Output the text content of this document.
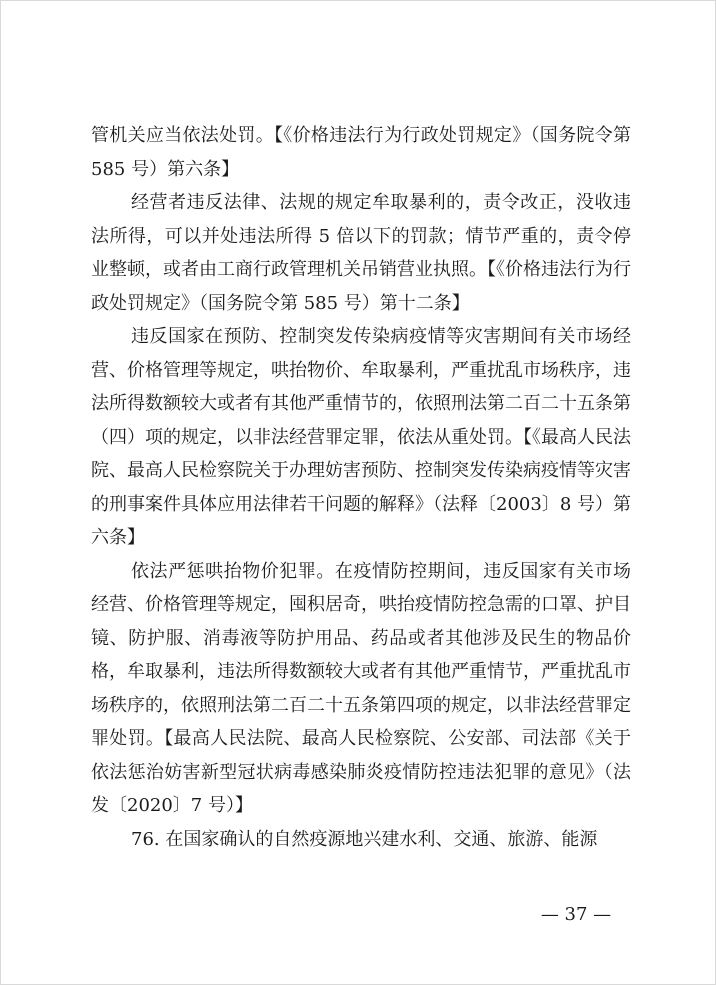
管机关应当依法处罚。【《价格违法行为行政处罚规定》（国务院令第 585 号）第六条】

经营者违反法律、法规的规定牟取暴利的，责令改正，没收违法所得，可以并处违法所得 5 倍以下的罚款；情节严重的，责令停业整顿，或者由工商行政管理机关吊销营业执照。【《价格违法行为行政处罚规定》（国务院令第 585 号）第十二条】

违反国家在预防、控制突发传染病疫情等灾害期间有关市场经营、价格管理等规定，哄抬物价、牟取暴利，严重扰乱市场秩序，违法所得数额较大或者有其他严重情节的，依照刑法第二百二十五条第（四）项的规定，以非法经营罪定罪，依法从重处罚。【《最高人民法院、最高人民检察院关于办理妨害预防、控制突发传染病疫情等灾害的刑事案件具体应用法律若干问题的解释》（法释〔2003〕8 号）第六条】

依法严惩哄抬物价犯罪。在疫情防控期间，违反国家有关市场经营、价格管理等规定，囤积居奇，哄抬疫情防控急需的口罩、护目镜、防护服、消毒液等防护用品、药品或者其他涉及民生的物品价格，牟取暴利，违法所得数额较大或者有其他严重情节，严重扰乱市场秩序的，依照刑法第二百二十五条第四项的规定，以非法经营罪定罪处罚。【最高人民法院、最高人民检察院、公安部、司法部《关于依法惩治妨害新型冠状病毒感染肺炎疫情防控违法犯罪的意见》（法发〔2020〕7 号）】

76. 在国家确认的自然疫源地兴建水利、交通、旅游、能源

— 37 —
